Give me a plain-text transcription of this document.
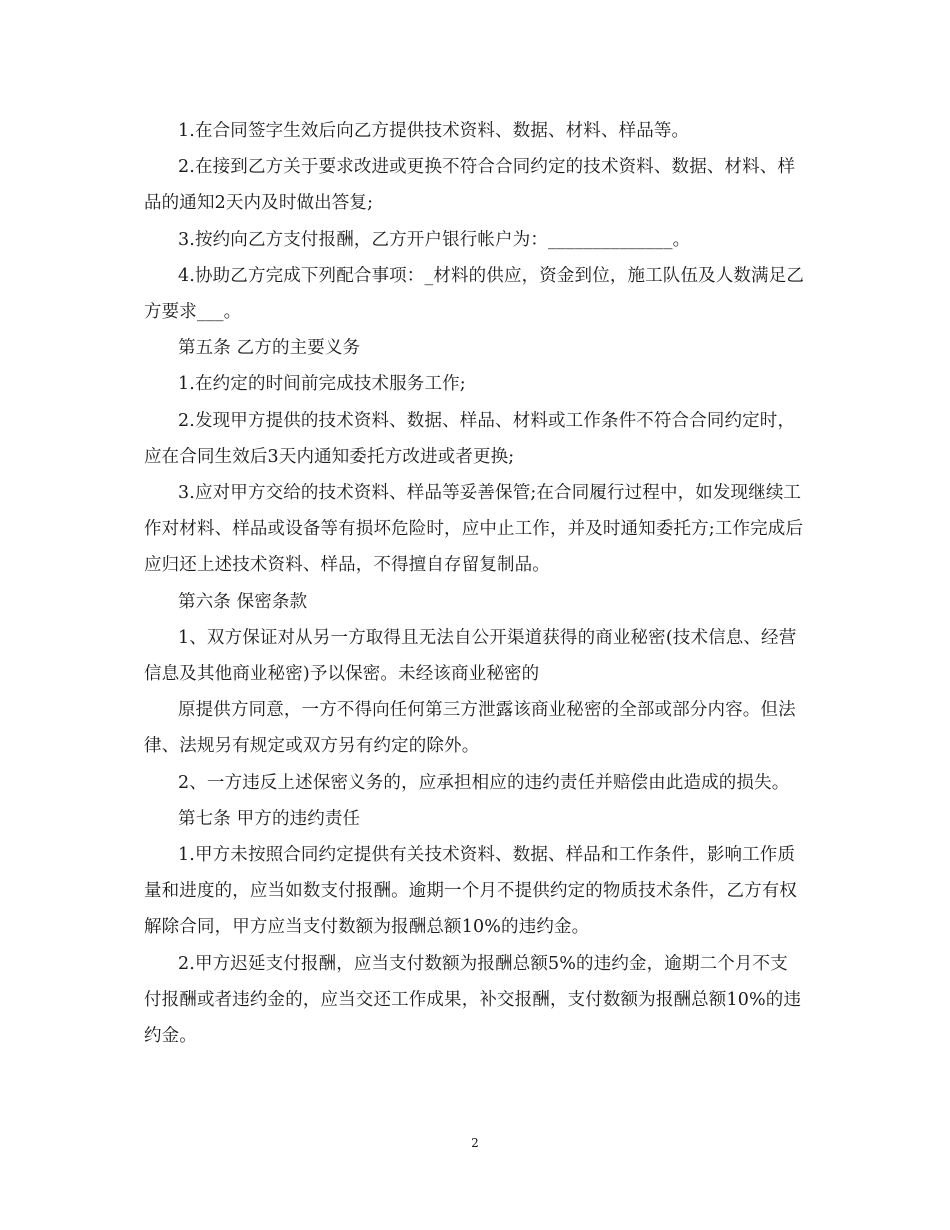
1.在合同签字生效后向乙方提供技术资料、数据、材料、样品等。

2.在接到乙方关于要求改进或更换不符合合同约定的技术资料、数据、材料、样品的通知2天内及时做出答复;

3.按约向乙方支付报酬，乙方开户银行帐户为：______________。

4.协助乙方完成下列配合事项：_材料的供应，资金到位，施工队伍及人数满足乙方要求___。

第五条 乙方的主要义务

1.在约定的时间前完成技术服务工作;

2.发现甲方提供的技术资料、数据、样品、材料或工作条件不符合合同约定时，应在合同生效后3天内通知委托方改进或者更换;

3.应对甲方交给的技术资料、样品等妥善保管;在合同履行过程中，如发现继续工作对材料、样品或设备等有损坏危险时，应中止工作，并及时通知委托方;工作完成后应归还上述技术资料、样品，不得擅自存留复制品。

第六条 保密条款

1、双方保证对从另一方取得且无法自公开渠道获得的商业秘密(技术信息、经营信息及其他商业秘密)予以保密。未经该商业秘密的

原提供方同意，一方不得向任何第三方泄露该商业秘密的全部或部分内容。但法律、法规另有规定或双方另有约定的除外。

2、一方违反上述保密义务的，应承担相应的违约责任并赔偿由此造成的损失。

第七条 甲方的违约责任

1.甲方未按照合同约定提供有关技术资料、数据、样品和工作条件，影响工作质量和进度的，应当如数支付报酬。逾期一个月不提供约定的物质技术条件，乙方有权解除合同，甲方应当支付数额为报酬总额10%的违约金。

2.甲方迟延支付报酬，应当支付数额为报酬总额5%的违约金，逾期二个月不支付报酬或者违约金的，应当交还工作成果，补交报酬，支付数额为报酬总额10%的违约金。

2
